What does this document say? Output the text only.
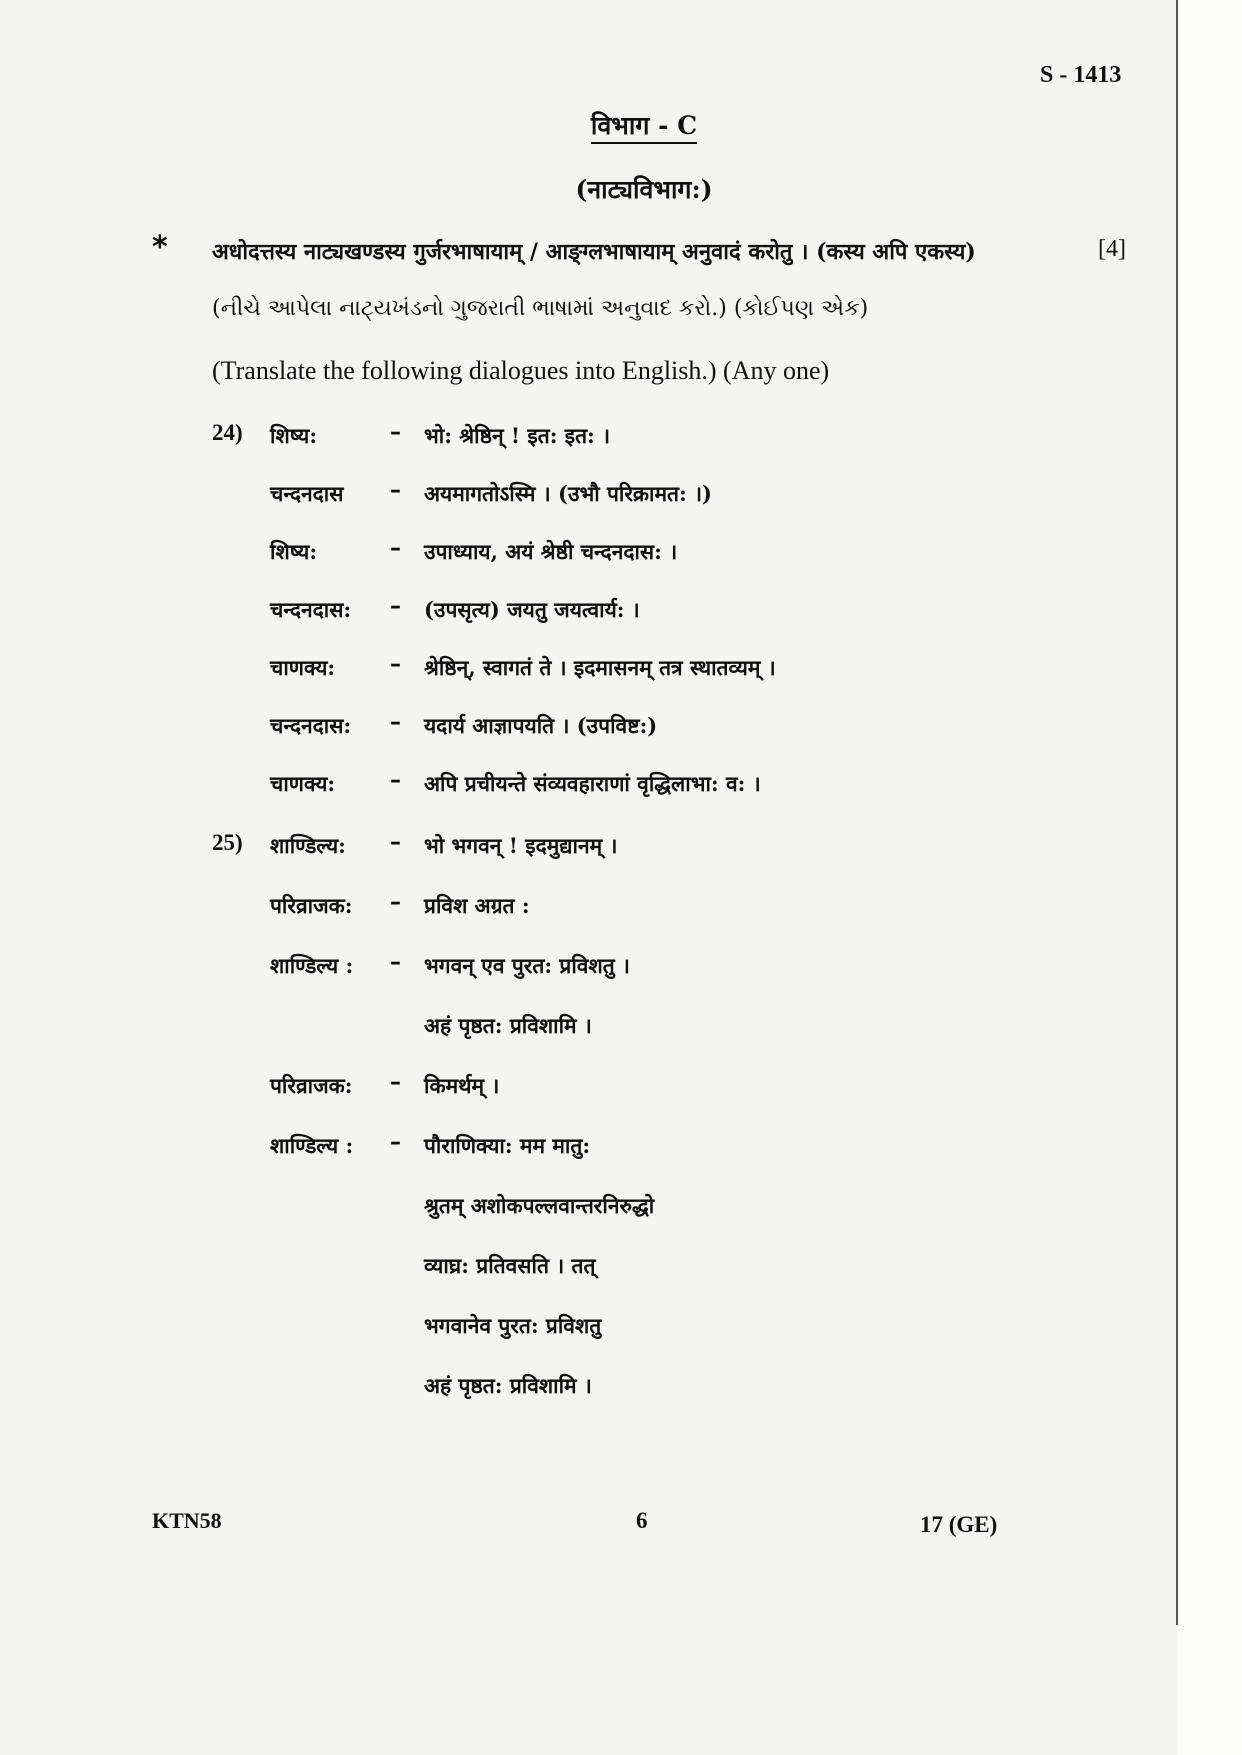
S - 1413
विभाग - C
(नाट्यविभाग:)
* अधोदत्तस्य नाट्यखण्डस्य गुर्जरभाषायाम् / आङ्ग्लभाषायाम् अनुवादं करोतु । (कस्य अपि एकस्य)	[4]
(નીચે આપેલા નાટ્યખંડનો ગુજરાતી ભાષામાં અનુવાદ કરો.) (કોઈપણ એક)
(Translate the following dialogues into English.) (Any one)
24) शिष्य:	– भो: श्रेष्ठिन् ! इत: इत: ।
चन्दनदास – अयमागतोऽस्मि । (उभौ परिक्रामत: ।)
शिष्य:	– उपाध्याय, अयं श्रेष्ठी चन्दनदास: ।
चन्दनदास: – (उपसृत्य) जयतु जयत्वार्य: ।
चाणक्य: – श्रेष्ठिन्, स्वागतं ते । इदमासनम् तत्र स्थातव्यम् ।
चन्दनदास: – यदार्य आज्ञापयति । (उपविष्ट:)
चाणक्य: – अपि प्रचीयन्ते संव्यवहाराणां वृद्धिलाभा: व: ।
25) शाण्डिल्य: – भो भगवन् ! इदमुद्यानम् ।
परिव्राजक: – प्रविश अग्रत :
शाण्डिल्य : – भगवन् एव पुरत: प्रविशतु ।
अहं पृष्ठत: प्रविशामि ।
परिव्राजक: – किमर्थम् ।
शाण्डिल्य : – पौराणिक्या: मम मातु:
श्रुतम् अशोकपल्लवान्तरनिरुद्धो
व्याघ्र: प्रतिवसति । तत्
भगवानेव पुरत: प्रविशतु
अहं पृष्ठत: प्रविशामि ।
KTN58	6	17 (GE)
